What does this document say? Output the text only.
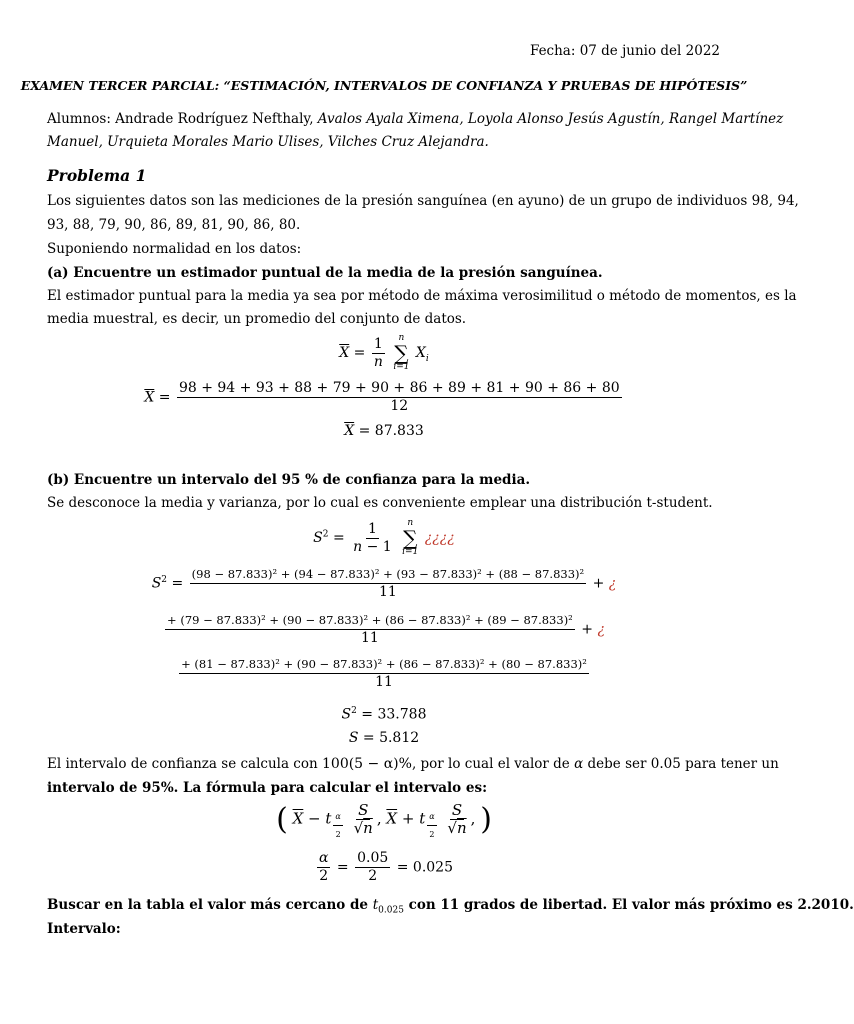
Fecha: 07 de junio del 2022
EXAMEN TERCER PARCIAL: “ESTIMACIÓN, INTERVALOS DE CONFIANZA Y PRUEBAS DE HIPÓTESIS”
Alumnos: Andrade Rodríguez Nefthaly, Avalos Ayala Ximena, Loyola Alonso Jesús Agustín, Rangel Martínez
Manuel, Urquieta Morales Mario Ulises, Vilches Cruz Alejandra.
Problema 1
Los siguientes datos son las mediciones de la presión sanguínea (en ayuno) de un grupo de individuos 98, 94,
93, 88, 79, 90, 86, 89, 81, 90, 86, 80.
Suponiendo normalidad en los datos:
(a) Encuentre un estimador puntual de la media de la presión sanguínea.
El estimador puntual para la media ya sea por método de máxima verosimilitud o método de momentos, es la
media muestral, es decir, un promedio del conjunto de datos.
$\overline{X} = \frac{1}{n}$
n
∑
i=1
$X_i$
$\overline{X} = \frac{98 + 94 + 93 + 88 + 79 + 90 + 86 + 89 + 81 + 90 + 86 + 80}{12}$
$\overline{X} = 87.833$
(b) Encuentre un intervalo del 95 % de confianza para la media.
Se desconoce la media y varianza, por lo cual es conveniente emplear una distribución t-student.
$S^2 = \frac{1}{n - 1}$
n
∑
i=1
¿¿¿¿
$S^2$ =
(98 − 87.833)² + (94 − 87.833)² + (93 − 87.833)² + (88 − 87.833)²
11
+ ¿
+ (79 − 87.833)² + (90 − 87.833)² + (86 − 87.833)² + (89 − 87.833)²
11
+ ¿
+ (81 − 87.833)² + (90 − 87.833)² + (86 − 87.833)² + (80 − 87.833)²
11
$S^2 = 33.788$
S = 5.812
El intervalo de confianza se calcula con 100(5 − α)%, por lo cual el valor de α debe ser 0.05 para tener un
intervalo de 95%. La fórmula para calcular el intervalo es:
( $\overline{X} - t$ $_{\frac{\alpha}{2}}$
$\frac{S}{√n}$ , $\overline{X} + t$ $_{\frac{\alpha}{2}}$
$\frac{S}{√n}$ , )
$\frac{\alpha}{2} = \frac{0.05}{2} = 0.025$
Buscar en la tabla el valor más cercano de $t_{0.025}$ con 11 grados de libertad. El valor más próximo es 2.2010.
Intervalo:
